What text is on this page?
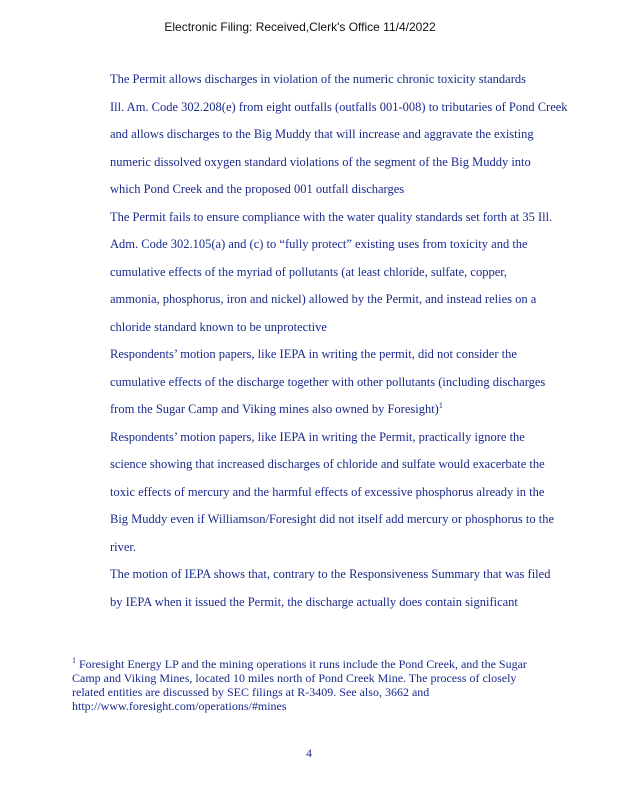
Electronic Filing: Received,Clerk's Office 11/4/2022
The Permit allows discharges in violation of the numeric chronic toxicity standards
Ill. Am. Code 302.208(e) from eight outfalls (outfalls 001-008) to tributaries of Pond Creek
and allows discharges to the Big Muddy that will increase and aggravate the existing
numeric dissolved oxygen standard violations of the segment of the Big Muddy into
which Pond Creek and the proposed 001 outfall discharges
The Permit fails to ensure compliance with the water quality standards set forth at 35 Ill.
Adm. Code 302.105(a) and (c) to “fully protect” existing uses from toxicity and the
cumulative effects of the myriad of pollutants (at least chloride, sulfate, copper,
ammonia, phosphorus, iron and nickel) allowed by the Permit, and instead relies on a
chloride standard known to be unprotective
Respondents’ motion papers, like IEPA in writing the permit, did not consider the
cumulative effects of the discharge together with other pollutants (including discharges
from the Sugar Camp and Viking mines also owned by Foresight)$^1$
Respondents’ motion papers, like IEPA in writing the Permit, practically ignore the
science showing that increased discharges of chloride and sulfate would exacerbate the
toxic effects of mercury and the harmful effects of excessive phosphorus already in the
Big Muddy even if Williamson/Foresight did not itself add mercury or phosphorus to the
river.
The motion of IEPA shows that, contrary to the Responsiveness Summary that was filed
by IEPA when it issued the Permit, the discharge actually does contain significant
$^1$ Foresight Energy LP and the mining operations it runs include the Pond Creek, and the Sugar
Camp and Viking Mines, located 10 miles north of Pond Creek Mine. The process of closely
related entities are discussed by SEC filings at R-3409. See also, 3662 and
http://www.foresight.com/operations/#mines
4
